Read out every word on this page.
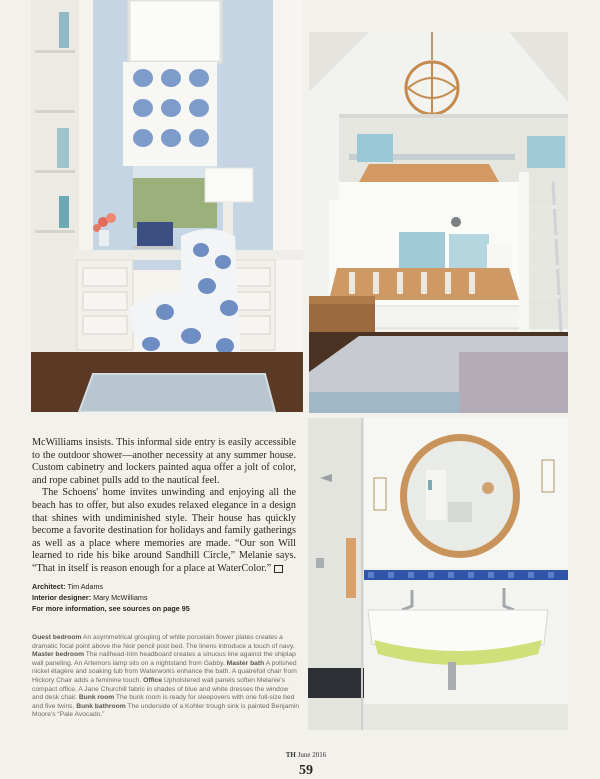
McWilliams insists. This informal side entry is easily accessible to the outdoor shower—another necessity at any summer house. Custom cabinetry and lockers painted aqua offer a jolt of color, and rope cabinet pulls add to the nautical feel.

The Schoens' home invites unwinding and enjoying all the beach has to offer, but also exudes relaxed elegance in a design that shines with undiminished style. Their house has quickly become a favorite destination for holidays and family gatherings as well as a place where memories are made. “Our son Will learned to ride his bike around Sandhill Circle,” Melanie says. “That in itself is reason enough for a place at WaterColor.”

Architect: Tim Adams
Interior designer: Mary McWilliams
For more information, see sources on page 95

Guest bedroom An asymmetrical grouping of white porcelain flower plates creates a dramatic focal point above the Noir pencil post bed. The linens introduce a touch of navy. Master bedroom The nailhead-trim headboard creates a sinuous line against the shiplap wall paneling. An Artemors lamp sits on a nightstand from Gabby. Master bath A polished nickel étagère and soaking tub from Waterworks enhance the bath. A quatrefoil chair from Hickory Chair adds a feminine touch. Office Upholstered wall panels soften Melanie's compact office. A Jane Churchill fabric in shades of blue and white dresses the window and desk chair. Bunk room The bunk room is ready for sleepovers with one full-size bed and five twins. Bunk bathroom The underside of a Kohler trough sink is painted Benjamin Moore's “Pale Avocado.”

TH June 2016
59
